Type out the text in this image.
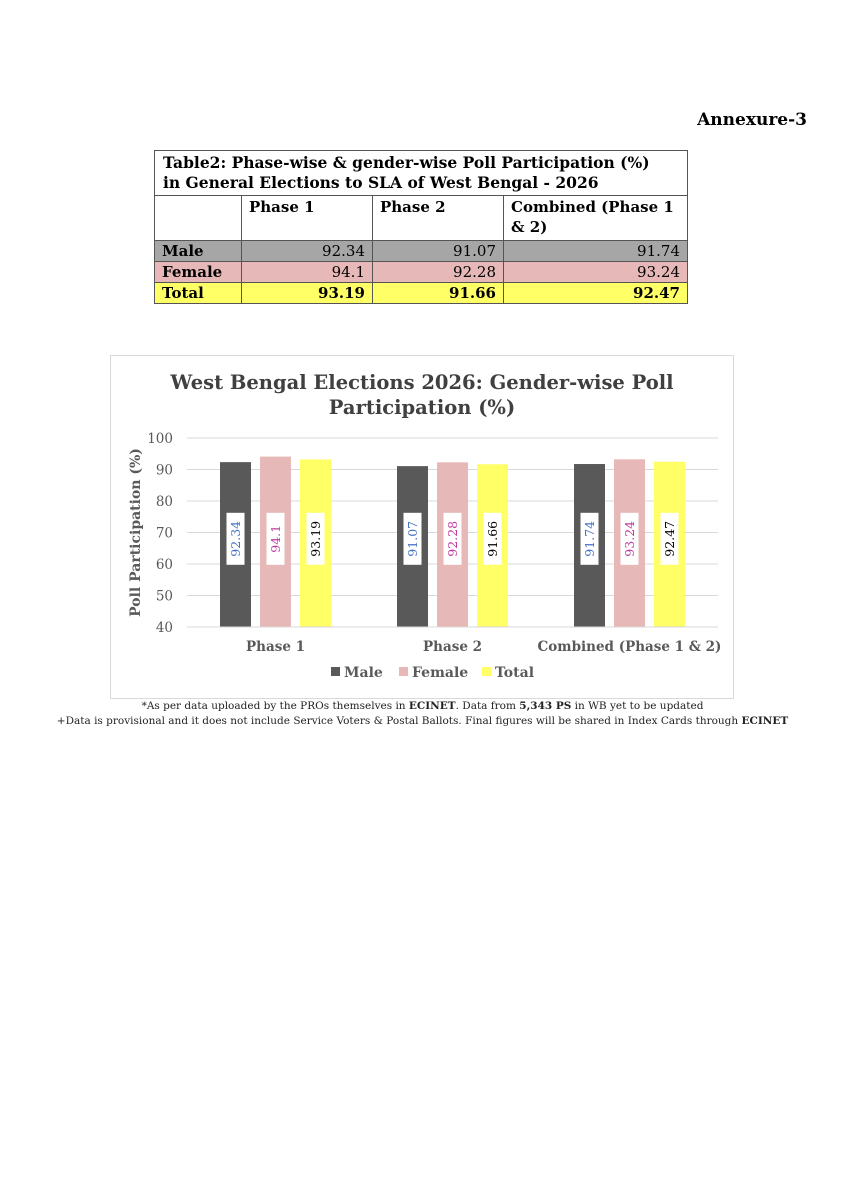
Annexure-3
Table2: Phase-wise & gender-wise Poll Participation (%)
in General Elections to SLA of West Bengal - 2026			
	Phase 1	Phase 2	Combined (Phase 1 & 2)
Male	92.34	91.07	91.74
Female	94.1	92.28	93.24
Total	93.19	91.66	92.47
West Bengal Elections 2026: Gender-wise Poll
Participation (%)
40
50
60
70
80
90
100
Poll Participation (%)	92.34 94.1 93.19
Phase 1
91.07 92.28 91.66
Phase 2
91.74 93.24 92.47
Combined (Phase 1 & 2)
Male Female Total
*As per data uploaded by the PROs themselves in ECINET. Data from 5,343 PS in WB yet to be updated
+Data is provisional and it does not include Service Voters & Postal Ballots. Final figures will be shared in Index Cards through ECINET
